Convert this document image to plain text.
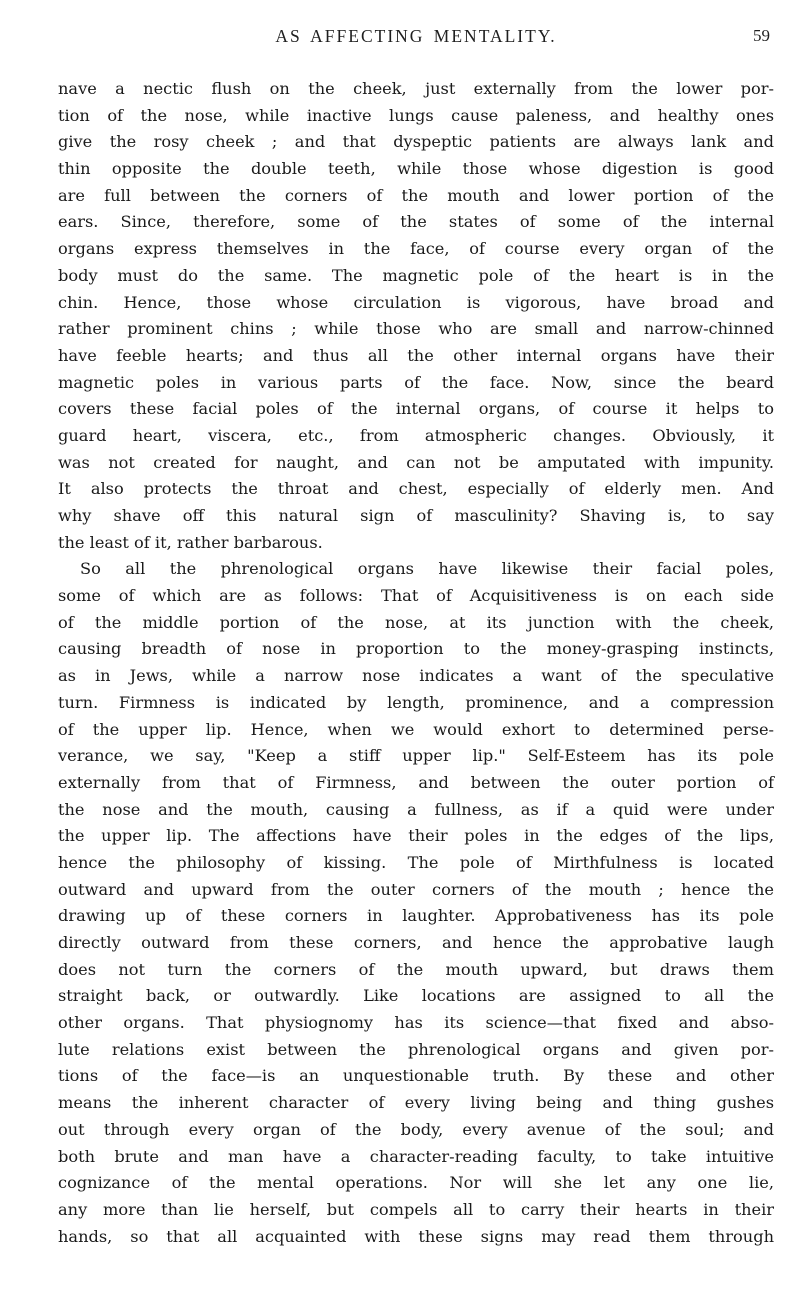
AS AFFECTING MENTALITY.	59
nave a nectic flush on the cheek, just externally from the lower por-
tion of the nose, while inactive lungs cause paleness, and healthy ones
give the rosy cheek ; and that dyspeptic patients are always lank and
thin opposite the double teeth, while those whose digestion is good
are full between the corners of the mouth and lower portion of the
ears. Since, therefore, some of the states of some of the internal
organs express themselves in the face, of course every organ of the
body must do the same. The magnetic pole of the heart is in the
chin. Hence, those whose circulation is vigorous, have broad and
rather prominent chins ; while those who are small and narrow-chinned
have feeble hearts; and thus all the other internal organs have their
magnetic poles in various parts of the face. Now, since the beard
covers these facial poles of the internal organs, of course it helps to
guard heart, viscera, etc., from atmospheric changes. Obviously, it
was not created for naught, and can not be amputated with impunity.
It also protects the throat and chest, especially of elderly men. And
why shave off this natural sign of masculinity? Shaving is, to say
the least of it, rather barbarous.
So all the phrenological organs have likewise their facial poles,
some of which are as follows: That of Acquisitiveness is on each side
of the middle portion of the nose, at its junction with the cheek,
causing breadth of nose in proportion to the money-grasping instincts,
as in Jews, while a narrow nose indicates a want of the speculative
turn. Firmness is indicated by length, prominence, and a compression
of the upper lip. Hence, when we would exhort to determined perse-
verance, we say, "Keep a stiff upper lip." Self-Esteem has its pole
externally from that of Firmness, and between the outer portion of
the nose and the mouth, causing a fullness, as if a quid were under
the upper lip. The affections have their poles in the edges of the lips,
hence the philosophy of kissing. The pole of Mirthfulness is located
outward and upward from the outer corners of the mouth ; hence the
drawing up of these corners in laughter. Approbativeness has its pole
directly outward from these corners, and hence the approbative laugh
does not turn the corners of the mouth upward, but draws them
straight back, or outwardly. Like locations are assigned to all the
other organs. That physiognomy has its science—that fixed and abso-
lute relations exist between the phrenological organs and given por-
tions of the face—is an unquestionable truth. By these and other
means the inherent character of every living being and thing gushes
out through every organ of the body, every avenue of the soul; and
both brute and man have a character-reading faculty, to take intuitive
cognizance of the mental operations. Nor will she let any one lie,
any more than lie herself, but compels all to carry their hearts in their
hands, so that all acquainted with these signs may read them through
